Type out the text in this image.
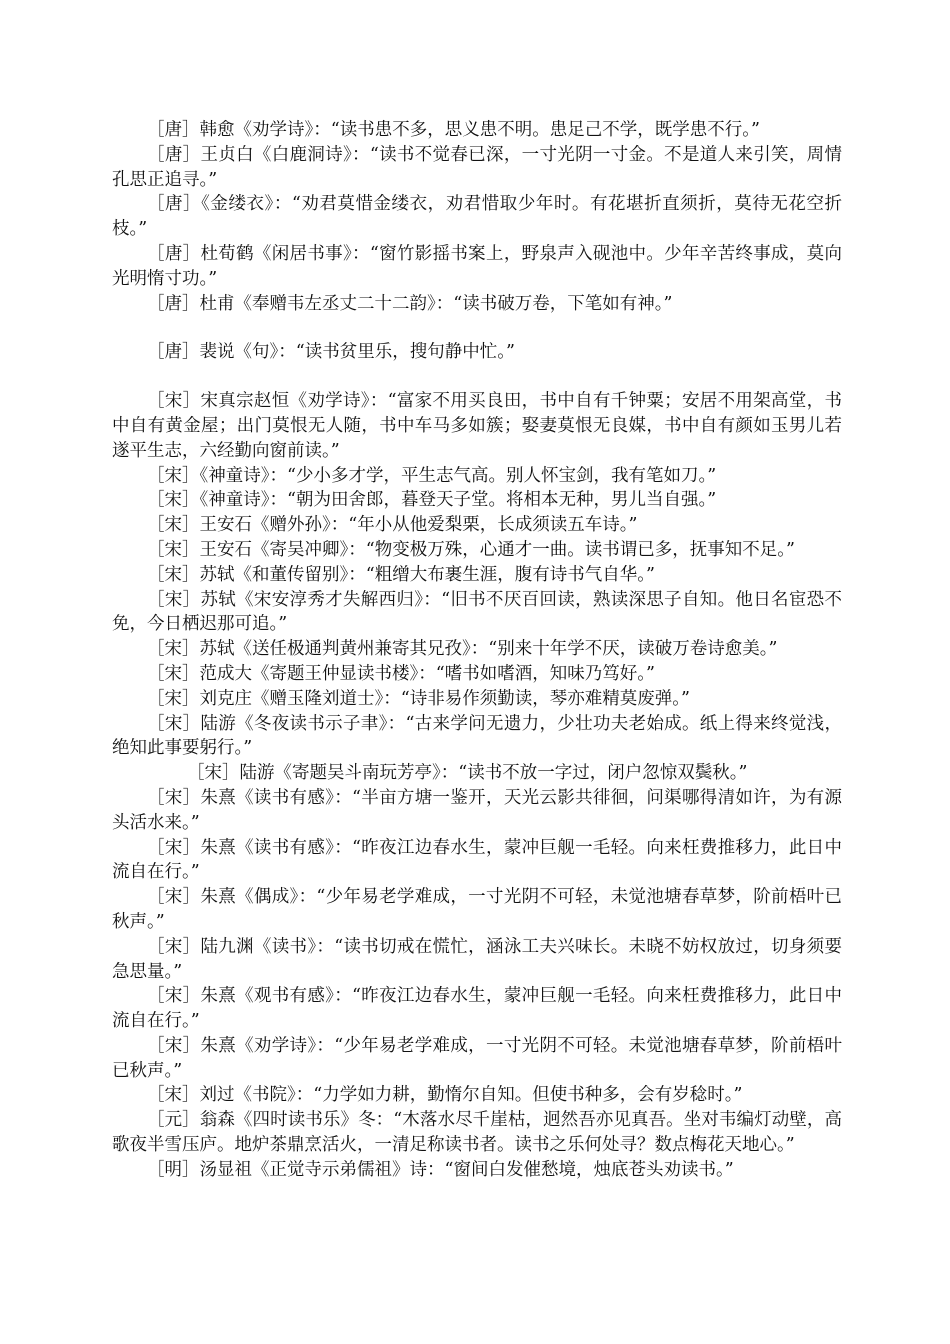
［唐］韩愈《劝学诗》：“读书患不多，思义患不明。患足己不学，既学患不行。”

［唐］王贞白《白鹿洞诗》：“读书不觉春已深，一寸光阴一寸金。不是道人来引笑，周情孔思正追寻。”

［唐］《金缕衣》：“劝君莫惜金缕衣，劝君惜取少年时。有花堪折直须折，莫待无花空折枝。”

［唐］杜荀鹤《闲居书事》：“窗竹影摇书案上，野泉声入砚池中。少年辛苦终事成，莫向光明惰寸功。”

［唐］杜甫《奉赠韦左丞丈二十二韵》：“读书破万卷，下笔如有神。”

［唐］裴说《句》：“读书贫里乐，搜句静中忙。”

［宋］宋真宗赵恒《劝学诗》：“富家不用买良田，书中自有千钟粟；安居不用架高堂，书中自有黄金屋；出门莫恨无人随，书中车马多如簇；娶妻莫恨无良媒，书中自有颜如玉男儿若遂平生志，六经勤向窗前读。”

［宋］《神童诗》：“少小多才学，平生志气高。别人怀宝剑，我有笔如刀。”

［宋］《神童诗》：“朝为田舍郎，暮登天子堂。将相本无种，男儿当自强。”

［宋］王安石《赠外孙》：“年小从他爱梨栗，长成须读五车诗。”

［宋］王安石《寄吴冲卿》：“物变极万殊，心通才一曲。读书谓已多，抚事知不足。”

［宋］苏轼《和董传留别》：“粗缯大布裹生涯，腹有诗书气自华。”

［宋］苏轼《宋安淳秀才失解西归》：“旧书不厌百回读，熟读深思子自知。他日名宦恐不免，今日栖迟那可追。”

［宋］苏轼《送任极通判黄州兼寄其兄孜》：“别来十年学不厌，读破万卷诗愈美。”

［宋］范成大《寄题王仲显读书楼》：“嗜书如嗜酒，知味乃笃好。”

［宋］刘克庄《赠玉隆刘道士》：“诗非易作须勤读，琴亦难精莫废弹。”

［宋］陆游《冬夜读书示子聿》：“古来学问无遗力，少壮功夫老始成。纸上得来终觉浅，绝知此事要躬行。”

［宋］陆游《寄题吴斗南玩芳亭》：“读书不放一字过，闭户忽惊双鬓秋。”

［宋］朱熹《读书有感》：“半亩方塘一鉴开，天光云影共徘徊，问渠哪得清如许，为有源头活水来。”

［宋］朱熹《读书有感》：“昨夜江边春水生，蒙冲巨舰一毛轻。向来枉费推移力，此日中流自在行。”

［宋］朱熹《偶成》：“少年易老学难成，一寸光阴不可轻，未觉池塘春草梦，阶前梧叶已秋声。”

［宋］陆九渊《读书》：“读书切戒在慌忙，涵泳工夫兴味长。未晓不妨权放过，切身须要急思量。”

［宋］朱熹《观书有感》：“昨夜江边春水生，蒙冲巨舰一毛轻。向来枉费推移力，此日中流自在行。”

［宋］朱熹《劝学诗》：“少年易老学难成，一寸光阴不可轻。未觉池塘春草梦，阶前梧叶已秋声。”

［宋］刘过《书院》：“力学如力耕，勤惰尔自知。但使书种多，会有岁稔时。”

［元］翁森《四时读书乐》冬：“木落水尽千崖枯，迥然吾亦见真吾。坐对韦编灯动壁，高歌夜半雪压庐。地炉茶鼎烹活火，一清足称读书者。读书之乐何处寻？数点梅花天地心。”

［明］汤显祖《正觉寺示弟儒祖》诗：“窗间白发催愁境，烛底苍头劝读书。”
